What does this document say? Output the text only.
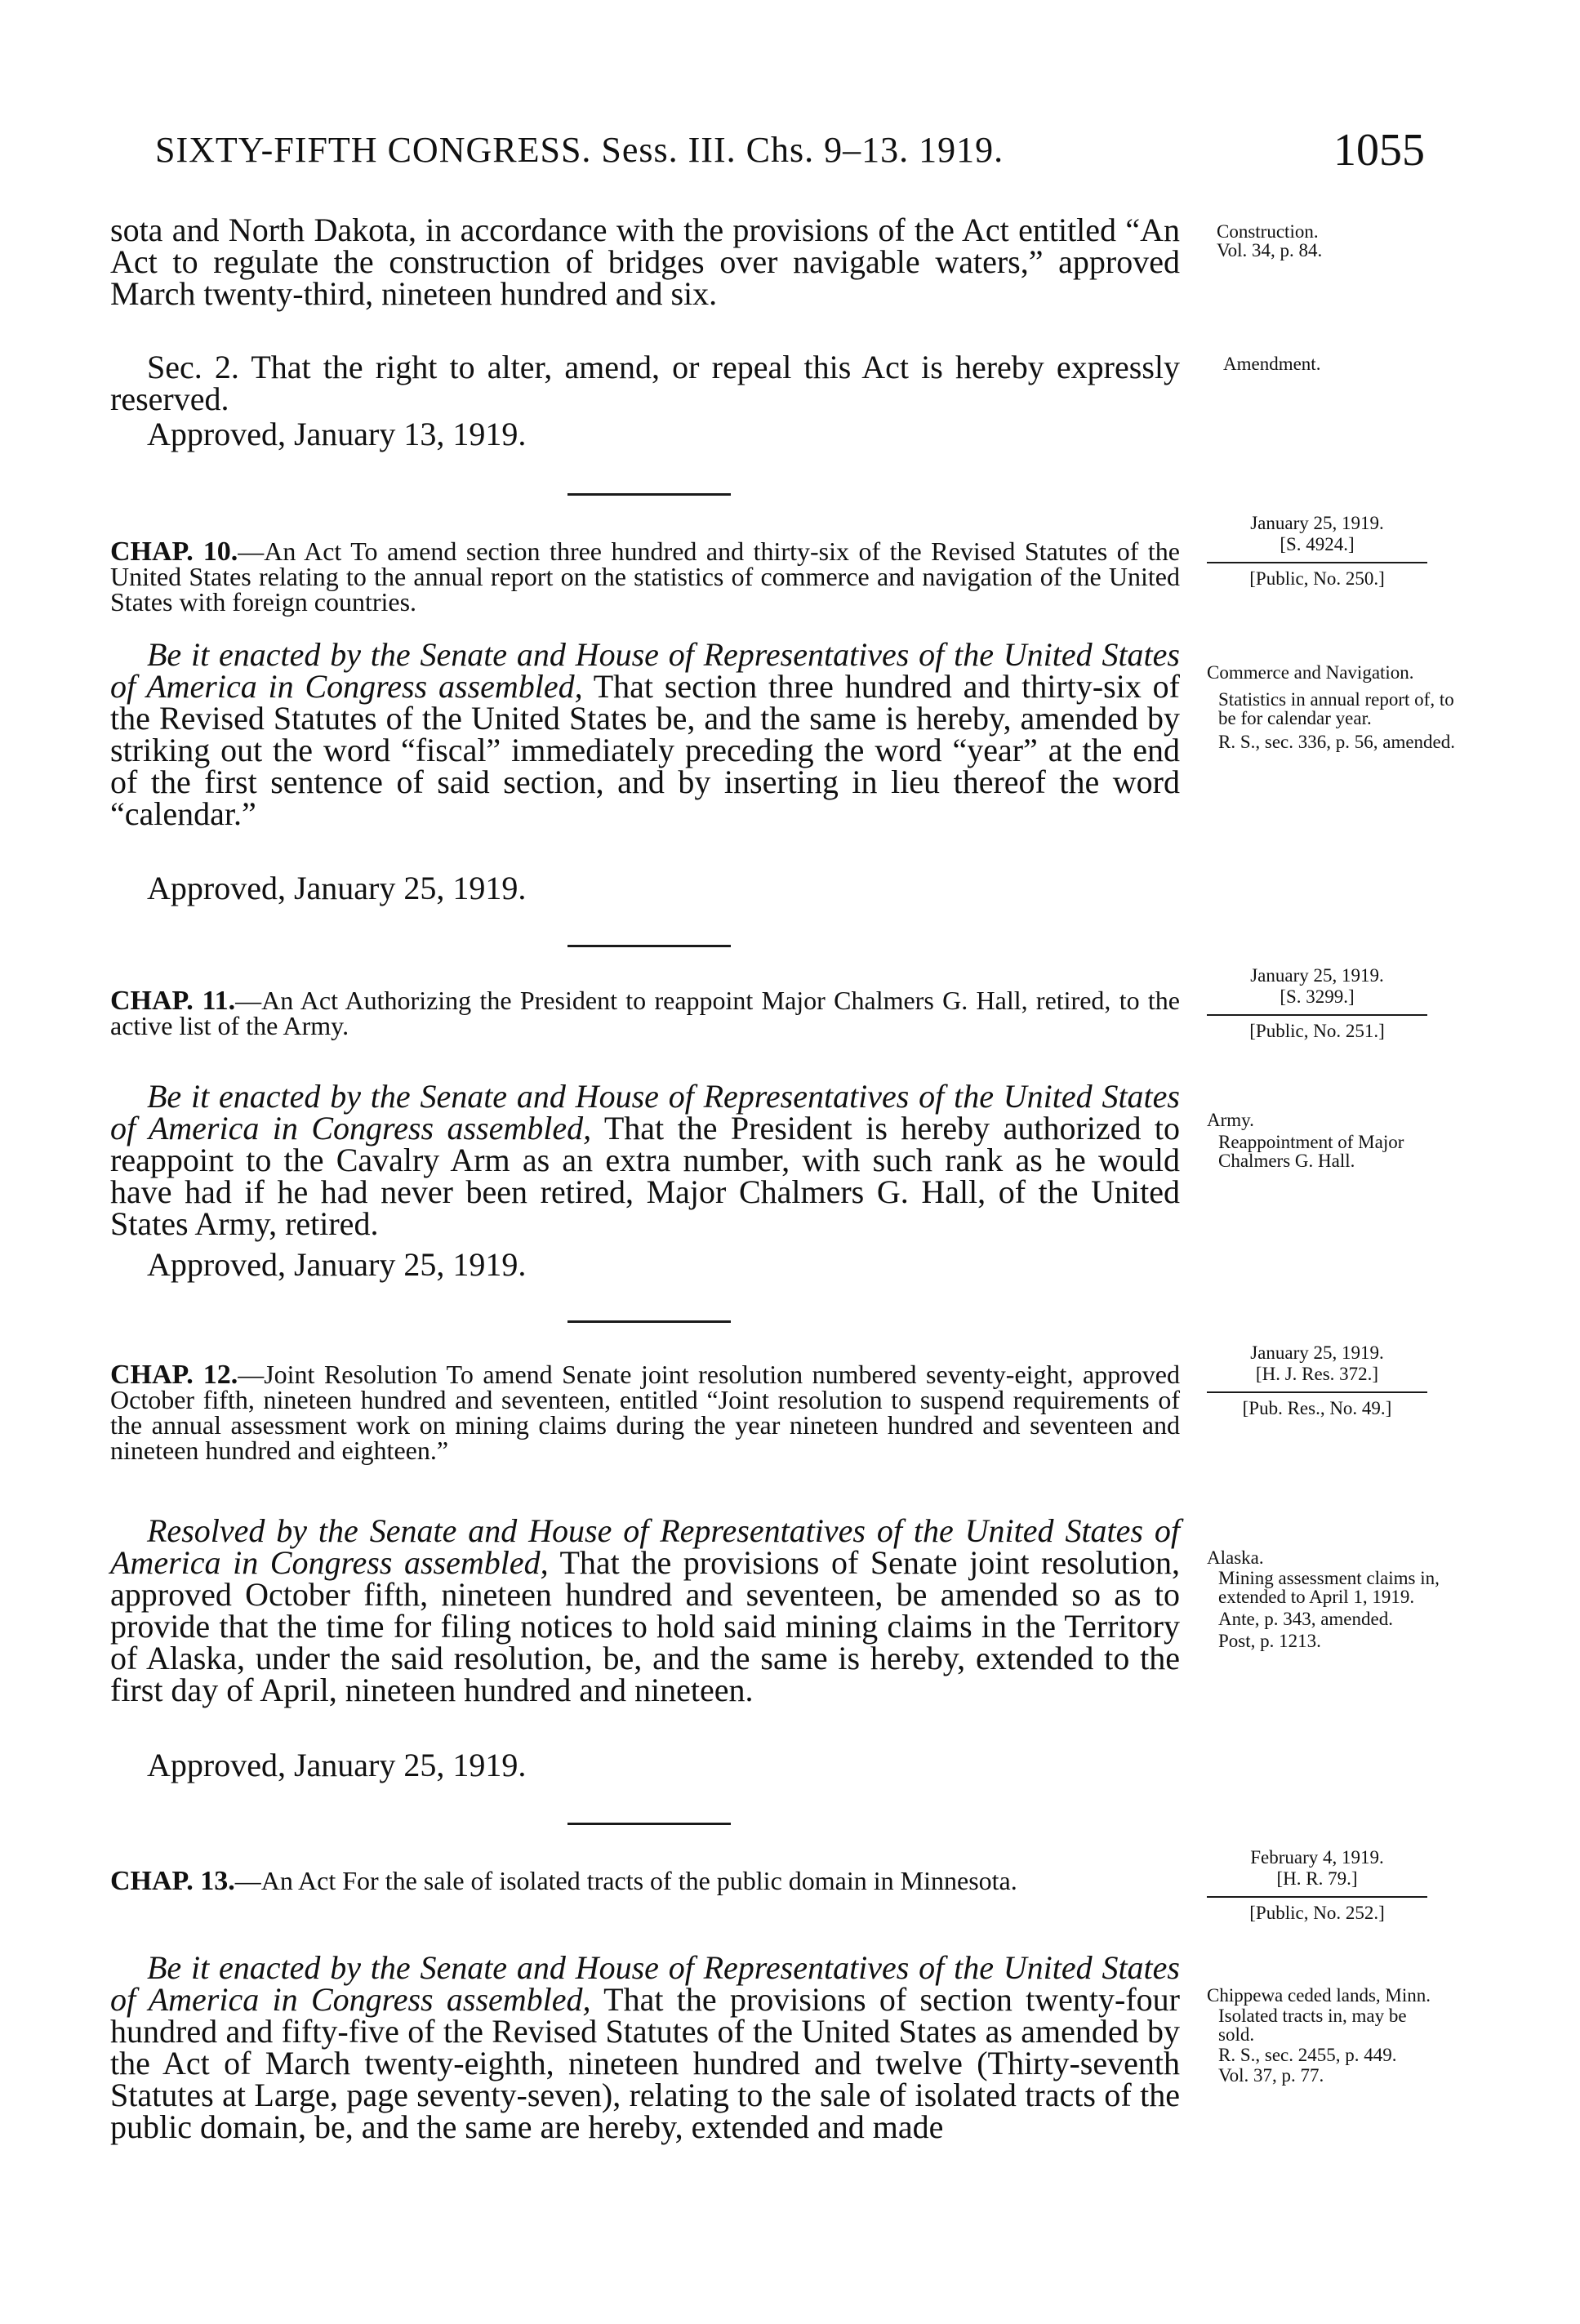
SIXTY-FIFTH CONGRESS. Sess. III. Chs. 9–13. 1919.	1055
sota and North Dakota, in accordance with the provisions of the Act entitled “An Act to regulate the construction of bridges over navigable waters,” approved March twenty-third, nineteen hundred and six.
Sec. 2. That the right to alter, amend, or repeal this Act is hereby expressly reserved.
Approved, January 13, 1919.
Construction.
Vol. 34, p. 84.
Amendment.
CHAP. 10.—An Act To amend section three hundred and thirty-six of the Revised Statutes of the United States relating to the annual report on the statistics of commerce and navigation of the United States with foreign countries.
January 25, 1919.
[S. 4924.]
[Public, No. 250.]
Be it enacted by the Senate and House of Representatives of the United States of America in Congress assembled, That section three hundred and thirty-six of the Revised Statutes of the United States be, and the same is hereby, amended by striking out the word “fiscal” immediately preceding the word “year” at the end of the first sentence of said section, and by inserting in lieu thereof the word “calendar.”
Approved, January 25, 1919.
Commerce and Navigation.
Statistics in annual report of, to be for calendar year.
R. S., sec. 336, p. 56, amended.
CHAP. 11.—An Act Authorizing the President to reappoint Major Chalmers G. Hall, retired, to the active list of the Army.
January 25, 1919.
[S. 3299.]
[Public, No. 251.]
Be it enacted by the Senate and House of Representatives of the United States of America in Congress assembled, That the President is hereby authorized to reappoint to the Cavalry Arm as an extra number, with such rank as he would have had if he had never been retired, Major Chalmers G. Hall, of the United States Army, retired.
Approved, January 25, 1919.
Army.
Reappointment of Major Chalmers G. Hall.
CHAP. 12.—Joint Resolution To amend Senate joint resolution numbered seventy-eight, approved October fifth, nineteen hundred and seventeen, entitled “Joint resolution to suspend requirements of the annual assessment work on mining claims during the year nineteen hundred and seventeen and nineteen hundred and eighteen.”
January 25, 1919.
[H. J. Res. 372.]
[Pub. Res., No. 49.]
Resolved by the Senate and House of Representatives of the United States of America in Congress assembled, That the provisions of Senate joint resolution, approved October fifth, nineteen hundred and seventeen, be amended so as to provide that the time for filing notices to hold said mining claims in the Territory of Alaska, under the said resolution, be, and the same is hereby, extended to the first day of April, nineteen hundred and nineteen.
Approved, January 25, 1919.
Alaska.
Mining assessment claims in, extended to April 1, 1919.
Ante, p. 343, amended.
Post, p. 1213.
CHAP. 13.—An Act For the sale of isolated tracts of the public domain in Minnesota.
February 4, 1919.
[H. R. 79.]
[Public, No. 252.]
Be it enacted by the Senate and House of Representatives of the United States of America in Congress assembled, That the provisions of section twenty-four hundred and fifty-five of the Revised Statutes of the United States as amended by the Act of March twenty-eighth, nineteen hundred and twelve (Thirty-seventh Statutes at Large, page seventy-seven), relating to the sale of isolated tracts of the public domain, be, and the same are hereby, extended and made
Chippewa ceded lands, Minn.
Isolated tracts in, may be sold.
R. S., sec. 2455, p. 449.
Vol. 37, p. 77.
